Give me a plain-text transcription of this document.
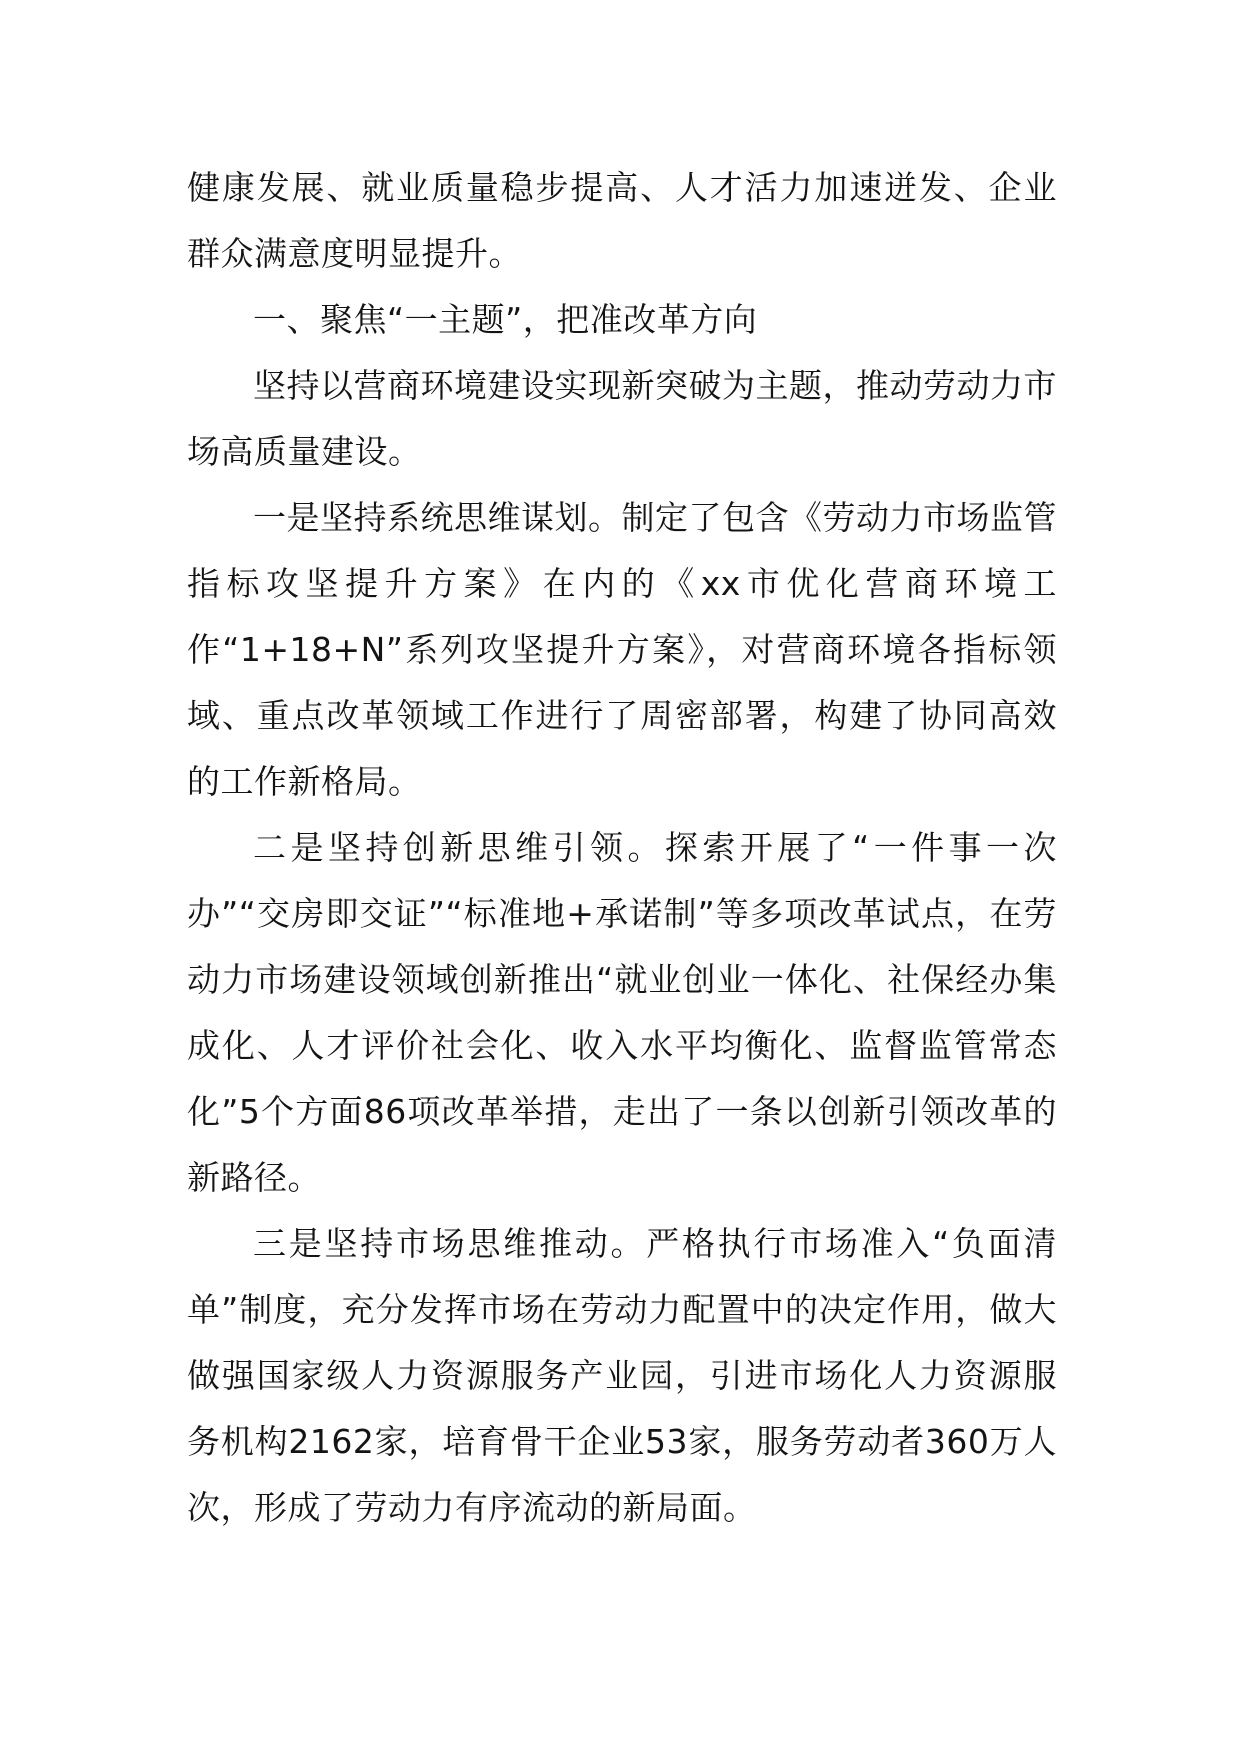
健康发展、就业质量稳步提高、人才活力加速迸发、企业群众满意度明显提升。

一、聚焦“一主题”，把准改革方向

坚持以营商环境建设实现新突破为主题，推动劳动力市场高质量建设。

一是坚持系统思维谋划。制定了包含《劳动力市场监管指标攻坚提升方案》在内的《xx市优化营商环境工作“1+18+N”系列攻坚提升方案》，对营商环境各指标领域、重点改革领域工作进行了周密部署，构建了协同高效的工作新格局。

二是坚持创新思维引领。探索开展了“一件事一次办”“交房即交证”“标准地+承诺制”等多项改革试点，在劳动力市场建设领域创新推出“就业创业一体化、社保经办集成化、人才评价社会化、收入水平均衡化、监督监管常态化”5个方面86项改革举措，走出了一条以创新引领改革的新路径。

三是坚持市场思维推动。严格执行市场准入“负面清单”制度，充分发挥市场在劳动力配置中的决定作用，做大做强国家级人力资源服务产业园，引进市场化人力资源服务机构2162家，培育骨干企业53家，服务劳动者360万人次，形成了劳动力有序流动的新局面。
